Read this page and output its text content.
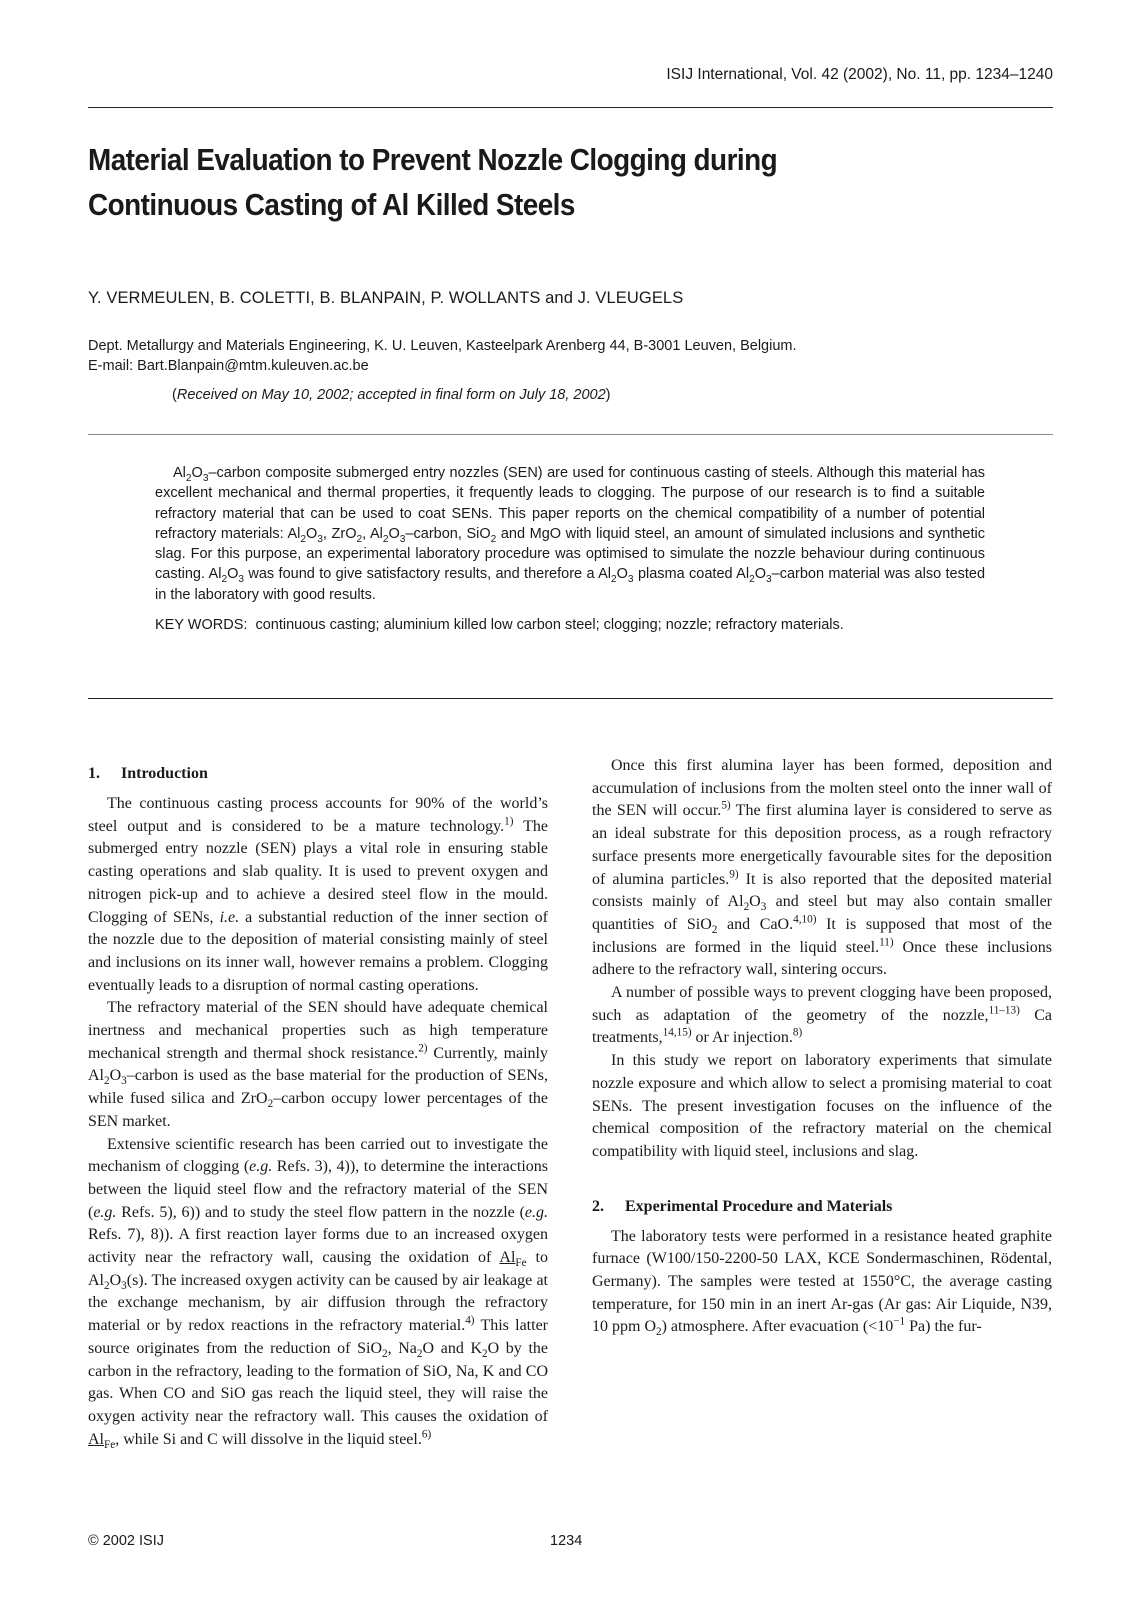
ISIJ International, Vol. 42 (2002), No. 11, pp. 1234–1240
Material Evaluation to Prevent Nozzle Clogging during
Continuous Casting of Al Killed Steels
Y. VERMEULEN, B. COLETTI, B. BLANPAIN, P. WOLLANTS and J. VLEUGELS
Dept. Metallurgy and Materials Engineering, K. U. Leuven, Kasteelpark Arenberg 44, B-3001 Leuven, Belgium.
E-mail: Bart.Blanpain@mtm.kuleuven.ac.be
(Received on May 10, 2002; accepted in final form on July 18, 2002)

$Al_2O_3$–carbon composite submerged entry nozzles (SEN) are used for continuous casting of steels. Although this material has excellent mechanical and thermal properties, it frequently leads to clogging. The purpose of our research is to find a suitable refractory material that can be used to coat SENs. This paper reports on the chemical compatibility of a number of potential refractory materials: $Al_2O_3$, ZrO$_2$, $Al_2O_3$–carbon, SiO$_2$ and MgO with liquid steel, an amount of simulated inclusions and synthetic slag. For this purpose, an experimental laboratory procedure was optimised to simulate the nozzle behaviour during continuous casting. $Al_2O_3$ was found to give satisfactory results, and therefore a $Al_2O_3$ plasma coated $Al_2O_3$–carbon material was also tested in the laboratory with good results.

KEY WORDS: continuous casting; aluminium killed low carbon steel; clogging; nozzle; refractory materials.

1. Introduction

The continuous casting process accounts for 90% of the world’s steel output and is considered to be a mature technology.$^{1)}$ The submerged entry nozzle (SEN) plays a vital role in ensuring stable casting operations and slab quality. It is used to prevent oxygen and nitrogen pick-up and to achieve a desired steel flow in the mould. Clogging of SENs, i.e. a substantial reduction of the inner section of the nozzle due to the deposition of material consisting mainly of steel and inclusions on its inner wall, however remains a problem. Clogging eventually leads to a disruption of normal casting operations.

The refractory material of the SEN should have adequate chemical inertness and mechanical properties such as high temperature mechanical strength and thermal shock resistance.$^{2)}$ Currently, mainly $Al_2O_3$–carbon is used as the base material for the production of SENs, while fused silica and ZrO$_2$–carbon occupy lower percentages of the SEN market.

Extensive scientific research has been carried out to investigate the mechanism of clogging (e.g. Refs. 3), 4)), to determine the interactions between the liquid steel flow and the refractory material of the SEN (e.g. Refs. 5), 6)) and to study the steel flow pattern in the nozzle (e.g. Refs. 7), 8)). A first reaction layer forms due to an increased oxygen activity near the refractory wall, causing the oxidation of $Al_{Fe}$ to $Al_2O_3(s)$. The increased oxygen activity can be caused by air leakage at the exchange mechanism, by air diffusion through the refractory material or by redox reactions in the refractory material.$^{4)}$ This latter source originates from the reduction of SiO$_2$, $Na_2O$ and $K_2O$ by the carbon in the refractory, leading to the formation of SiO, Na, K and CO gas. When CO and SiO gas reach the liquid steel, they will raise the oxygen activity near the refractory wall. This causes the oxidation of $Al_{Fe}$, while Si and C will dissolve in the liquid steel.$^{6)}$

Once this first alumina layer has been formed, deposition and accumulation of inclusions from the molten steel onto the inner wall of the SEN will occur.$^{5)}$ The first alumina layer is considered to serve as an ideal substrate for this deposition process, as a rough refractory surface presents more energetically favourable sites for the deposition of alumina particles.$^{9)}$ It is also reported that the deposited material consists mainly of $Al_2O_3$ and steel but may also contain smaller quantities of SiO$_2$ and CaO.$^{4,10)}$ It is supposed that most of the inclusions are formed in the liquid steel.$^{11)}$ Once these inclusions adhere to the refractory wall, sintering occurs.

A number of possible ways to prevent clogging have been proposed, such as adaptation of the geometry of the nozzle,$^{11-13)}$ Ca treatments,$^{14,15)}$ or Ar injection.$^{8)}$

In this study we report on laboratory experiments that simulate nozzle exposure and which allow to select a promising material to coat SENs. The present investigation focuses on the influence of the chemical composition of the refractory material on the chemical compatibility with liquid steel, inclusions and slag.

2. Experimental Procedure and Materials

The laboratory tests were performed in a resistance heated graphite furnace (W100/150-2200-50 LAX, KCE Sondermaschinen, Rödental, Germany). The samples were tested at 1550°C, the average casting temperature, for 150 min in an inert Ar-gas (Ar gas: Air Liquide, N39, 10 ppm $O_2$) atmosphere. After evacuation ($<10^{-1}$ Pa) the fur-

© 2002 ISIJ	1234
